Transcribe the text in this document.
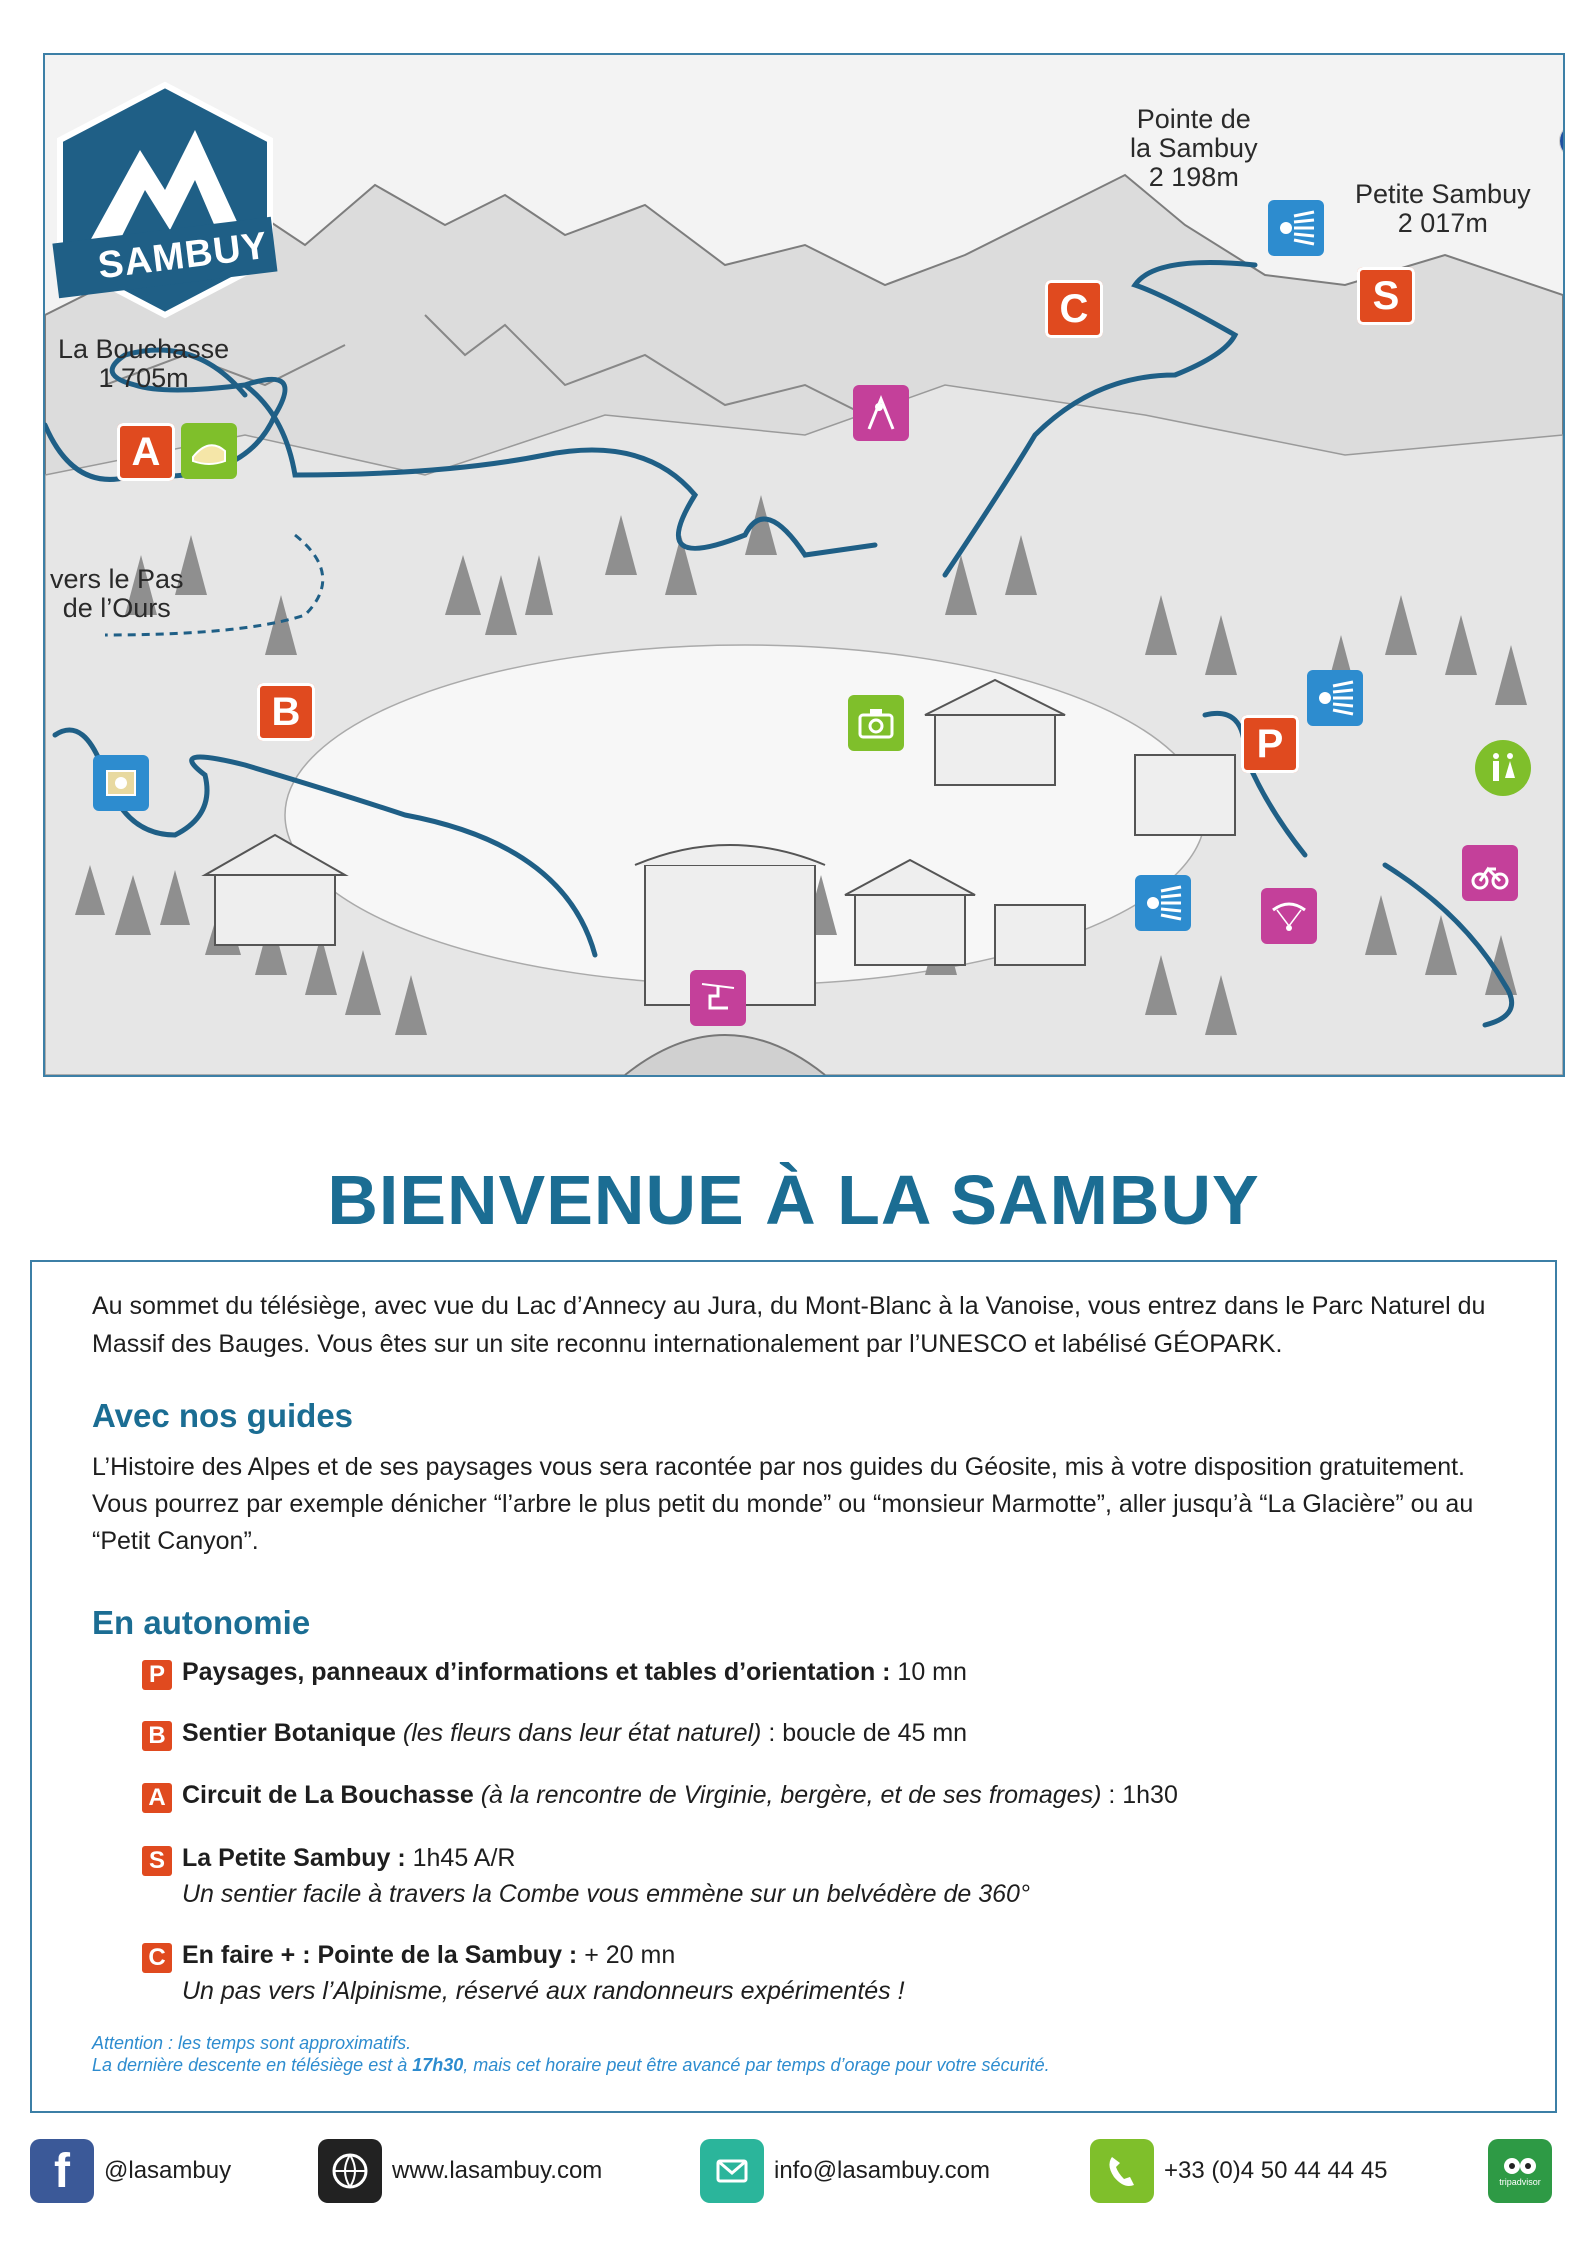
SAMBUY
Pointe de
la Sambuy
2 198m
Petite Sambuy
2 017m
La Bouchasse
1 705m
vers le Pas
de l’Ours
C	S
A
B
P
BIENVENUE À LA SAMBUY
Au sommet du télésiège, avec vue du Lac d’Annecy au Jura, du Mont-Blanc à la Vanoise, vous entrez dans le Parc Naturel du Massif des Bauges. Vous êtes sur un site reconnu internationalement par l’UNESCO et labélisé GÉOPARK.
Avec nos guides
L’Histoire des Alpes et de ses paysages vous sera racontée par nos guides du Géosite, mis à votre disposition gratuitement. Vous pourrez par exemple dénicher “l’arbre le plus petit du monde” ou “monsieur Marmotte”, aller jusqu’à “La Glacière” ou au “Petit Canyon”.
En autonomie
P Paysages, panneaux d’informations et tables d’orientation : 10 mn
B Sentier Botanique (les fleurs dans leur état naturel) : boucle de 45 mn
A Circuit de La Bouchasse (à la rencontre de Virginie, bergère, et de ses fromages) : 1h30
S La Petite Sambuy : 1h45 A/R
Un sentier facile à travers la Combe vous emmène sur un belvédère de 360°
C En faire + : Pointe de la Sambuy : + 20 mn
Un pas vers l’Alpinisme, réservé aux randonneurs expérimentés !
Attention : les temps sont approximatifs.
La dernière descente en télésiège est à 17h30, mais cet horaire peut être avancé par temps d’orage pour votre sécurité.
f	@lasambuy	www.lasambuy.com	info@lasambuy.com	+33 (0)4 50 44 44 45	tripadvisor
